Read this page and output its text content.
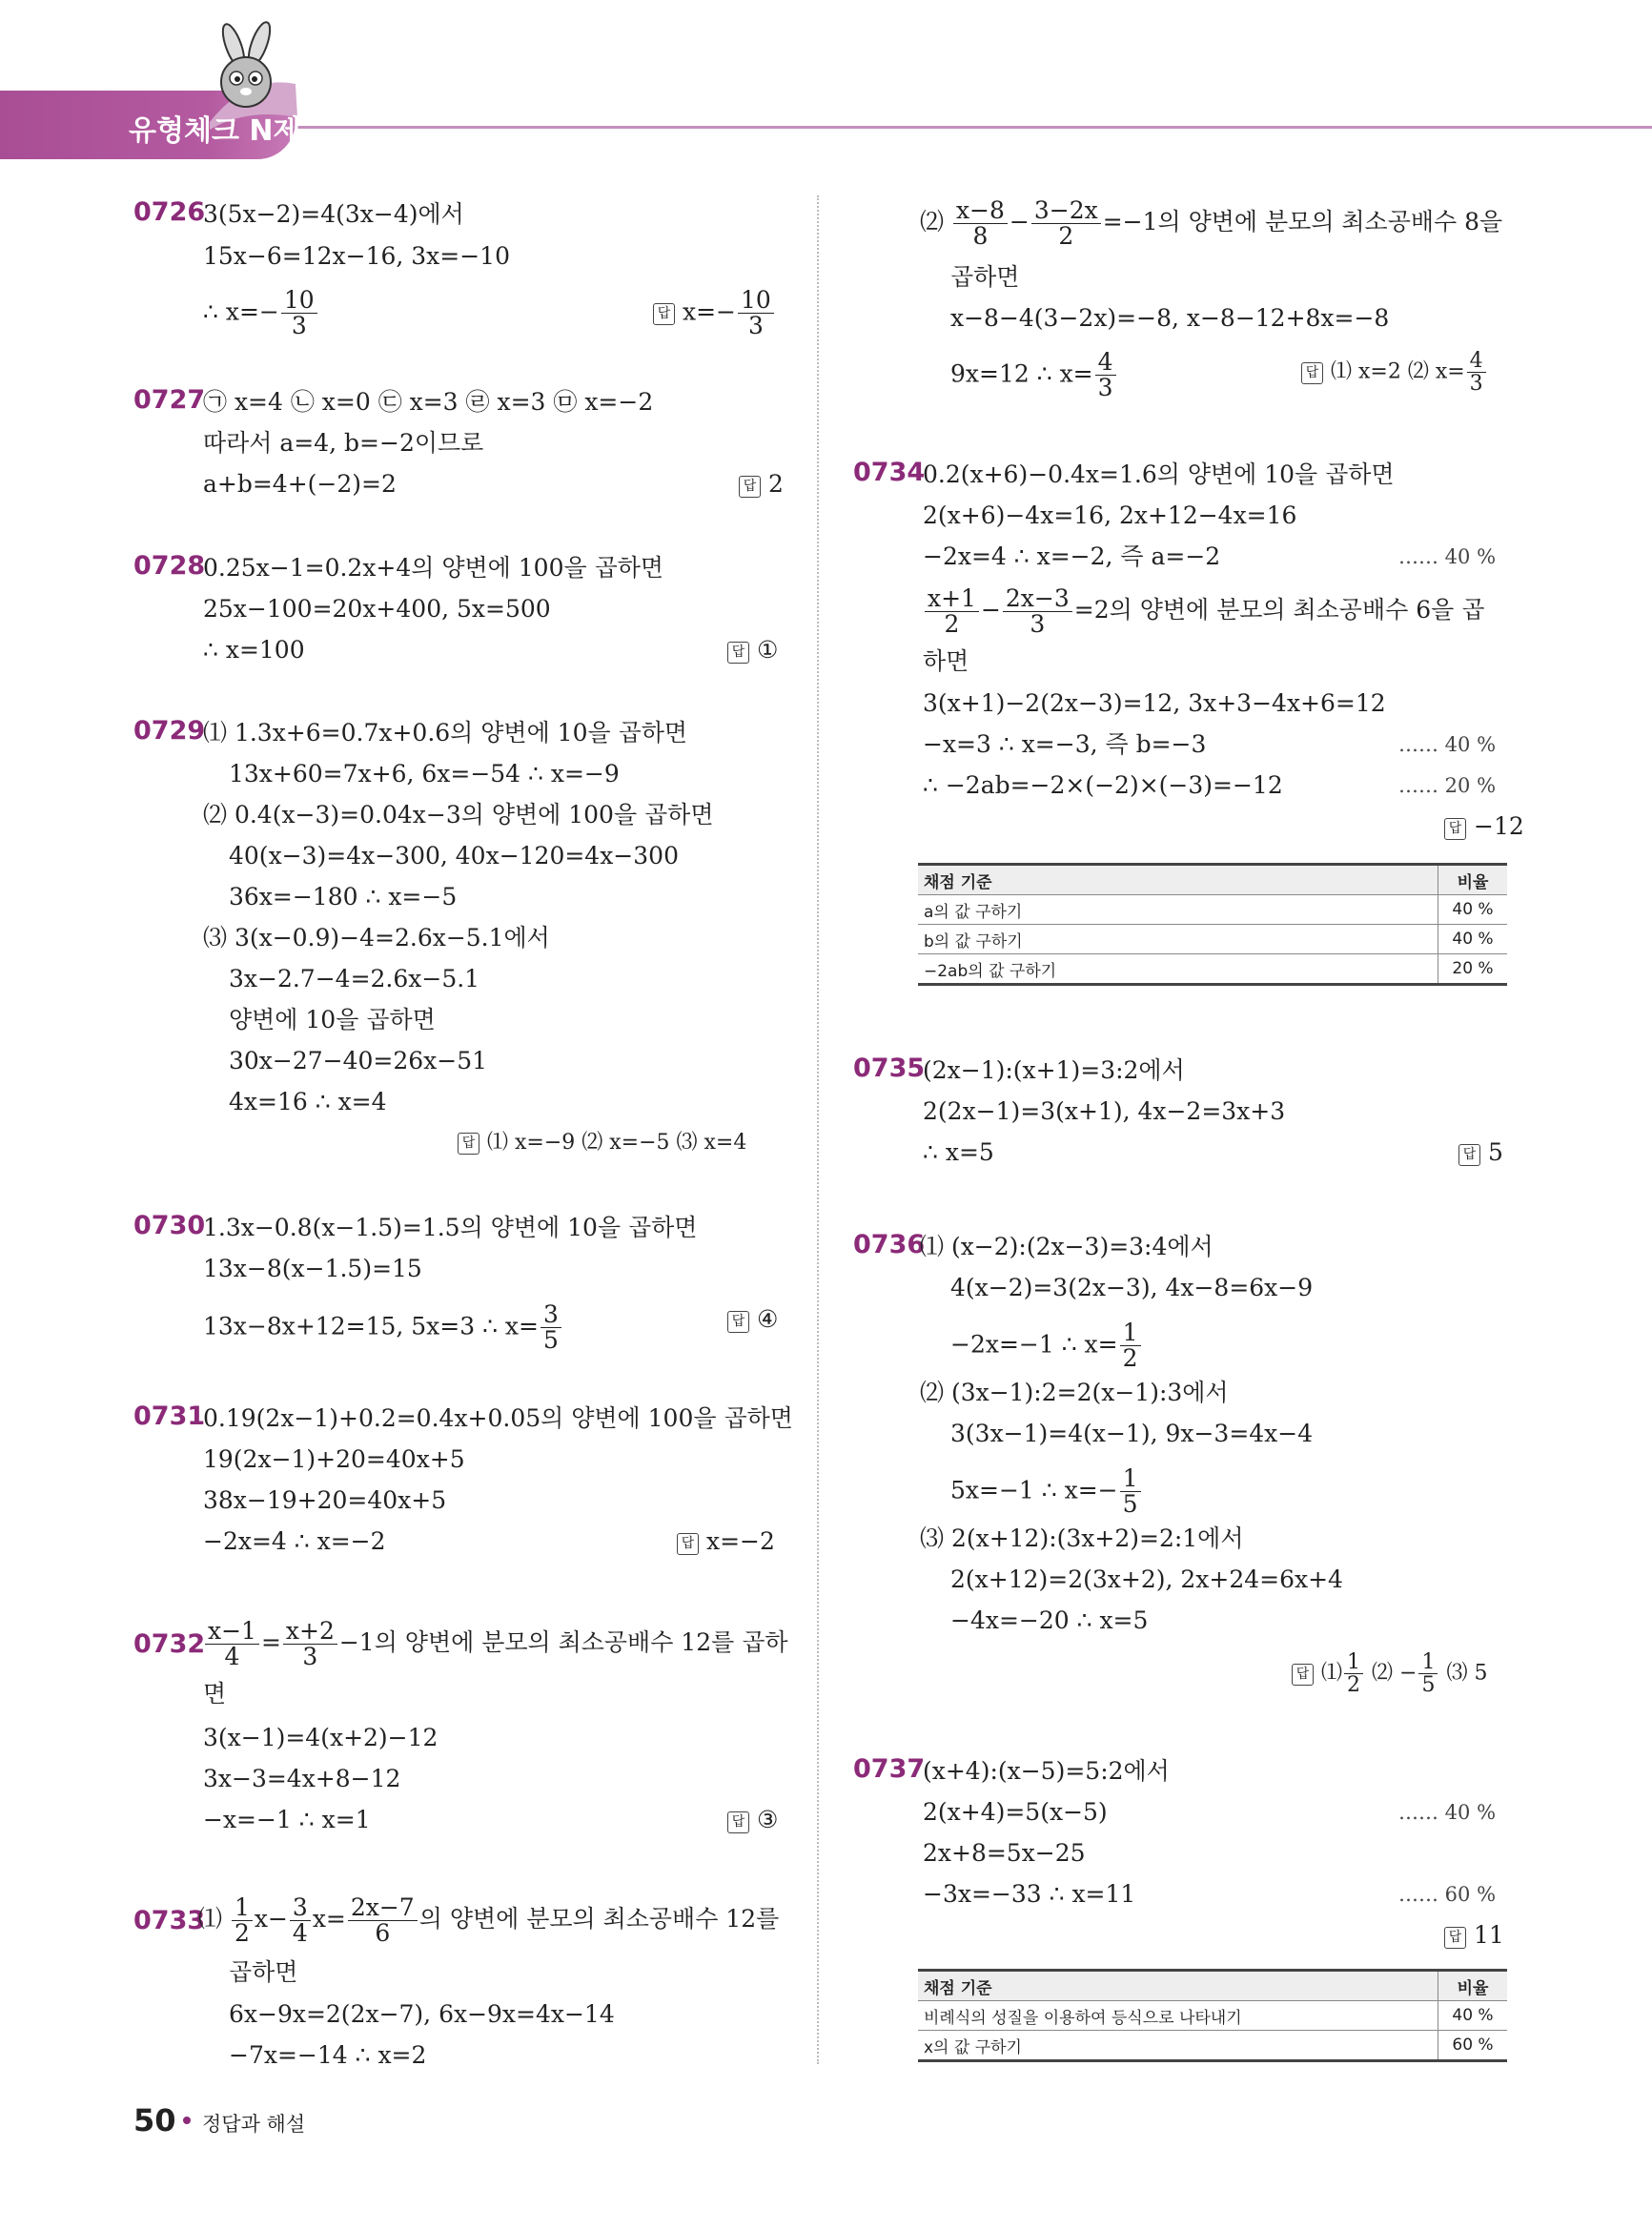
유형체크 N제
0726
3(5x−2)=4(3x−4)에서
15x−6=12x−16, 3x=−10
∴ $x=- \frac{10}{3}$	답 $x=- \frac{10}{3}$
0727
㉠ x=4 ㉡ x=0 ㉢ x=3 ㉣ x=3 ㉤ x=−2
따라서 a=4, b=−2이므로
a+b=4+(−2)=2	답 2
0728
0.25x−1=0.2x+4의 양변에 100을 곱하면
25x−100=20x+400, 5x=500
∴ x=100	답 ①
0729
⑴ 1.3x+6=0.7x+0.6의 양변에 10을 곱하면
13x+60=7x+6, 6x=−54 ∴ x=−9
⑵ 0.4(x−3)=0.04x−3의 양변에 100을 곱하면
40(x−3)=4x−300, 40x−120=4x−300
36x=−180 ∴ x=−5
⑶ 3(x−0.9)−4=2.6x−5.1에서
3x−2.7−4=2.6x−5.1
양변에 10을 곱하면
30x−27−40=26x−51
4x=16 ∴ x=4
답 ⑴ x=−9 ⑵ x=−5 ⑶ x=4
0730
1.3x−0.8(x−1.5)=1.5의 양변에 10을 곱하면
13x−8(x−1.5)=15
13x−8x+12=15, 5x=3 ∴ $x= \frac{3}{5}$	답 ④
0731
0.19(2x−1)+0.2=0.4x+0.05의 양변에 100을 곱하면
19(2x−1)+20=40x+5
38x−19+20=40x+5
−2x=4 ∴ x=−2	답 x=−2
$0732 \frac{x-1}{4} = \frac{x+2}{3} -1$의 양변에 분모의 최소공배수 12를 곱하
면
3(x−1)=4(x+2)−12
3x−3=4x+8−12
−x=−1 ∴ x=1	답 ③
0733
⑴ $\frac{1}{2} x- \frac{3}{4} x= \frac{2x-7}{6}$ 의 양변에 분모의 최소공배수 12를
곱하면
6x−9x=2(2x−7), 6x−9x=4x−14
−7x=−14 ∴ x=2
⑵ $\frac{x-8}{8} - \frac{3-2x}{2} =-1$의 양변에 분모의 최소공배수 8을
곱하면
x−8−4(3−2x)=−8, x−8−12+8x=−8
9x=12 ∴ $x= \frac{4}{3}$	답 ⑴ x=2 ⑵ $x= \frac{4}{3}$
0734
0.2(x+6)−0.4x=1.6의 양변에 10을 곱하면
2(x+6)−4x=16, 2x+12−4x=16
−2x=4 ∴ x=−2, 즉 a=−2	…… 40 %
$\frac{x+1}{2} - \frac{2x-3}{3} =2$의 양변에 분모의 최소공배수 6을 곱
하면
3(x+1)−2(2x−3)=12, 3x+3−4x+6=12
−x=3 ∴ x=−3, 즉 b=−3	…… 40 %
∴ −2ab=−2×(−2)×(−3)=−12	…… 20 %
답 −12
채점 기준	비율
a의 값 구하기	40 %
b의 값 구하기	40 %
−2ab의 값 구하기	20 %
0735
(2x−1):(x+1)=3:2에서
2(2x−1)=3(x+1), 4x−2=3x+3
∴ x=5	답 5
0736
⑴ (x−2):(2x−3)=3:4에서
4(x−2)=3(2x−3), 4x−8=6x−9
−2x=−1 ∴ $x= \frac{1}{2}$
⑵ (3x−1):2=2(x−1):3에서
3(3x−1)=4(x−1), 9x−3=4x−4
5x=−1 ∴ $x=- \frac{1}{5}$
⑶ 2(x+12):(3x+2)=2:1에서
2(x+12)=2(3x+2), 2x+24=6x+4
−4x=−20 ∴ x=5
답 ⑴ $\frac{1}{2}$ ⑵ − $\frac{1}{5}$ ⑶ 5
0737
(x+4):(x−5)=5:2에서
2(x+4)=5(x−5)	…… 40 %
2x+8=5x−25
−3x=−33 ∴ x=11	…… 60 %
답 11
채점 기준	비율
비례식의 성질을 이용하여 등식으로 나타내기	40 %
x의 값 구하기	60 %
50 정답과 해설
